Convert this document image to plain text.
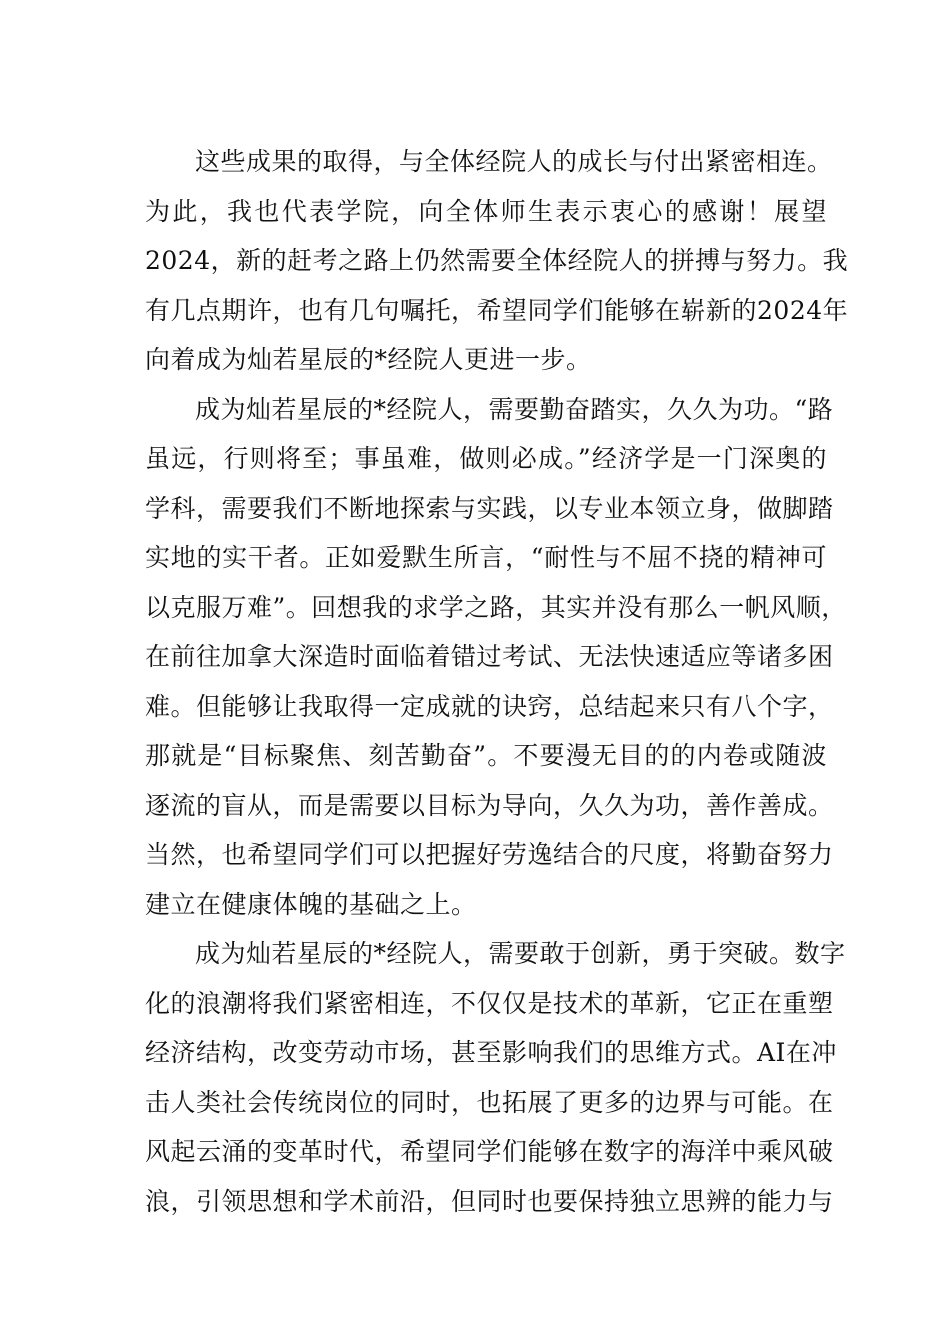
这些成果的取得，与全体经院人的成长与付出紧密相连。
为此，我也代表学院，向全体师生表示衷心的感谢！展望
2024，新的赶考之路上仍然需要全体经院人的拼搏与努力。我
有几点期许，也有几句嘱托，希望同学们能够在崭新的2024年
向着成为灿若星辰的*经院人更进一步。
成为灿若星辰的*经院人，需要勤奋踏实，久久为功。“路
虽远，行则将至；事虽难，做则必成。”经济学是一门深奥的
学科，需要我们不断地探索与实践，以专业本领立身，做脚踏
实地的实干者。正如爱默生所言，“耐性与不屈不挠的精神可
以克服万难”。回想我的求学之路，其实并没有那么一帆风顺，
在前往加拿大深造时面临着错过考试、无法快速适应等诸多困
难。但能够让我取得一定成就的诀窍，总结起来只有八个字，
那就是“目标聚焦、刻苦勤奋”。不要漫无目的的内卷或随波
逐流的盲从，而是需要以目标为导向，久久为功，善作善成。
当然，也希望同学们可以把握好劳逸结合的尺度，将勤奋努力
建立在健康体魄的基础之上。
成为灿若星辰的*经院人，需要敢于创新，勇于突破。数字
化的浪潮将我们紧密相连，不仅仅是技术的革新，它正在重塑
经济结构，改变劳动市场，甚至影响我们的思维方式。AI在冲
击人类社会传统岗位的同时，也拓展了更多的边界与可能。在
风起云涌的变革时代，希望同学们能够在数字的海洋中乘风破
浪，引领思想和学术前沿，但同时也要保持独立思辨的能力与
